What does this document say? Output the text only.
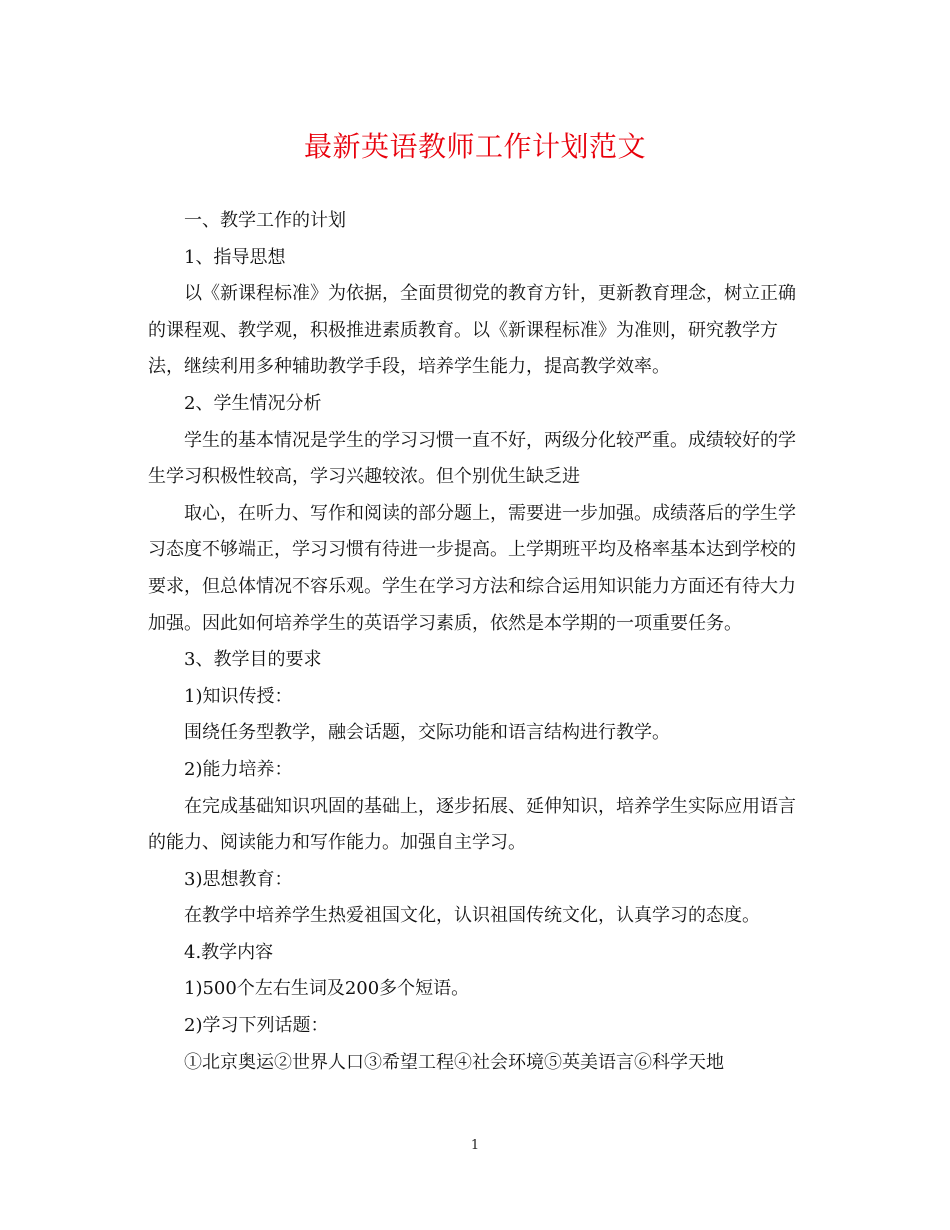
最新英语教师工作计划范文

一、教学工作的计划

1、指导思想

以《新课程标准》为依据，全面贯彻党的教育方针，更新教育理念，树立正确的课程观、教学观，积极推进素质教育。以《新课程标准》为准则，研究教学方法，继续利用多种辅助教学手段，培养学生能力，提高教学效率。

2、学生情况分析

学生的基本情况是学生的学习习惯一直不好，两级分化较严重。成绩较好的学生学习积极性较高，学习兴趣较浓。但个别优生缺乏进

取心，在听力、写作和阅读的部分题上，需要进一步加强。成绩落后的学生学习态度不够端正，学习习惯有待进一步提高。上学期班平均及格率基本达到学校的要求，但总体情况不容乐观。学生在学习方法和综合运用知识能力方面还有待大力加强。因此如何培养学生的英语学习素质，依然是本学期的一项重要任务。

3、教学目的要求

1)知识传授：

围绕任务型教学，融会话题，交际功能和语言结构进行教学。

2)能力培养：

在完成基础知识巩固的基础上，逐步拓展、延伸知识，培养学生实际应用语言的能力、阅读能力和写作能力。加强自主学习。

3)思想教育：

在教学中培养学生热爱祖国文化，认识祖国传统文化，认真学习的态度。

4.教学内容

1)500个左右生词及200多个短语。

2)学习下列话题：

①北京奥运②世界人口③希望工程④社会环境⑤英美语言⑥科学天地

1
